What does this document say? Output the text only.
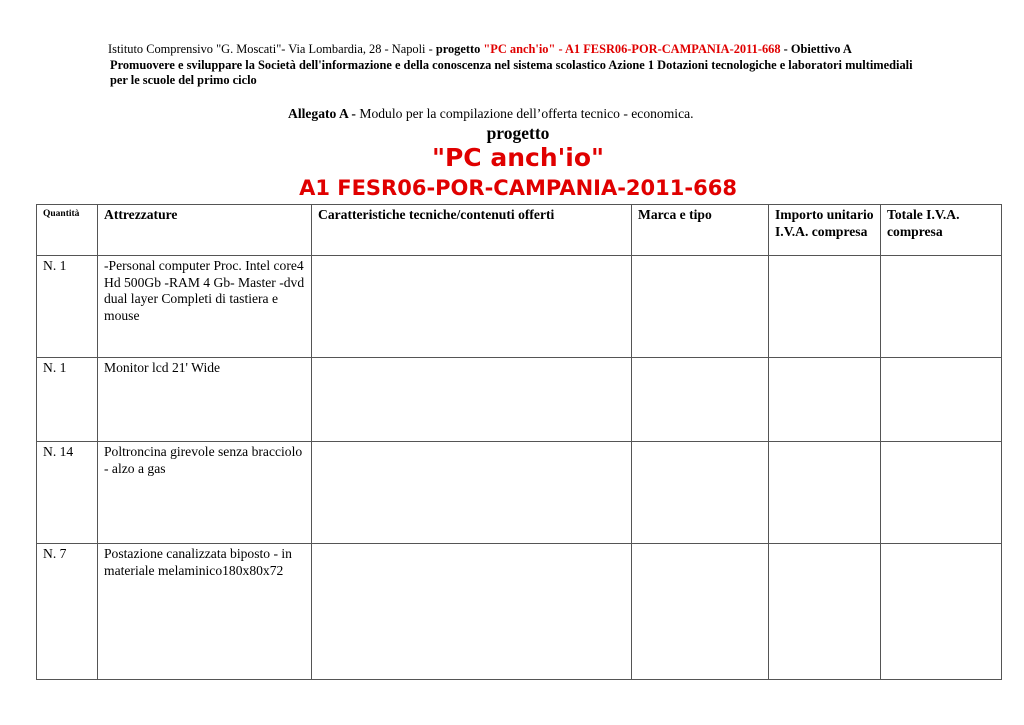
Istituto Comprensivo "G. Moscati"- Via Lombardia, 28 - Napoli - progetto "PC anch'io" - A1 FESR06-POR-CAMPANIA-2011-668 - Obiettivo A
Promuovere e sviluppare la Società dell'informazione e della conoscenza nel sistema scolastico Azione 1 Dotazioni tecnologiche e laboratori multimediali
per le scuole del primo ciclo
Allegato A - Modulo per la compilazione dell’offerta tecnico - economica.
progetto
"PC anch'io"
A1 FESR06-POR-CAMPANIA-2011-668
Quantità	Attrezzature	Caratteristiche tecniche/contenuti offerti	Marca e tipo	Importo unitario I.V.A. compresa	Totale I.V.A. compresa
N. 1	-Personal computer Proc. Intel core4 Hd 500Gb -RAM 4 Gb- Master -dvd dual layer Completi di tastiera e mouse				
N. 1	Monitor lcd 21' Wide				
N. 14	Poltroncina girevole senza bracciolo - alzo a gas				
N. 7	Postazione canalizzata biposto - in materiale melaminico180x80x72				
